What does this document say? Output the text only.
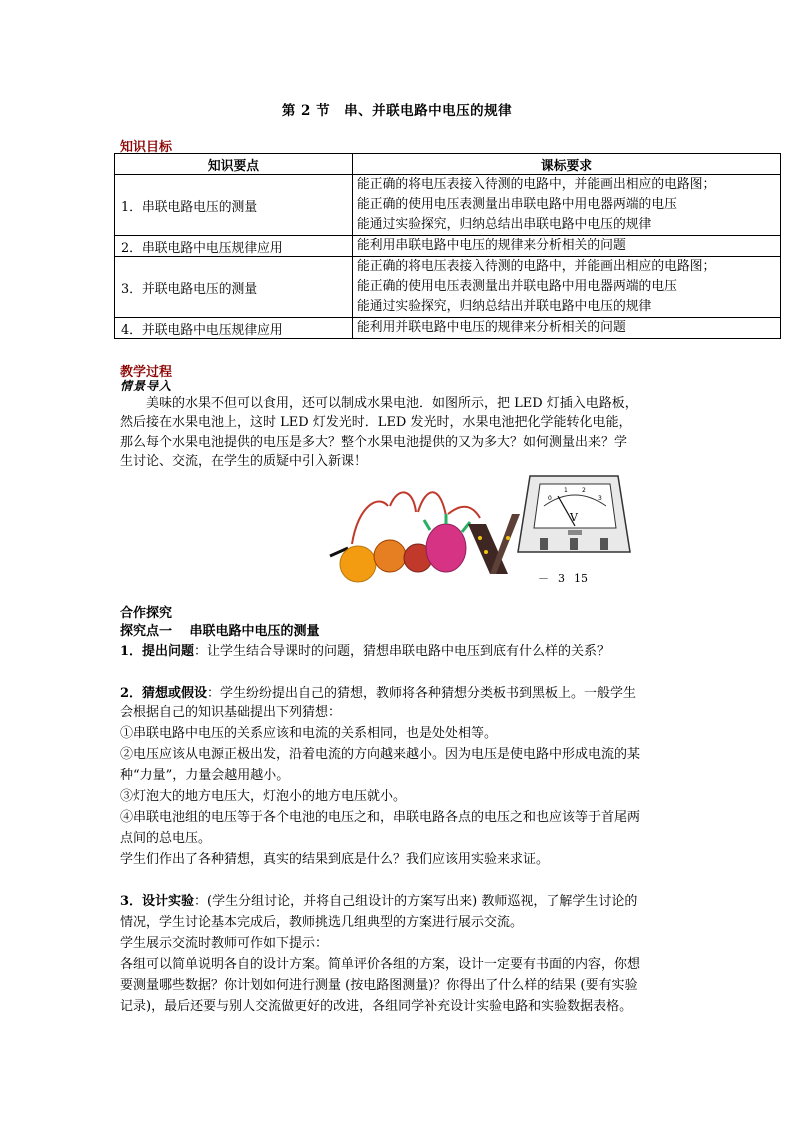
第 2 节　串、并联电路中电压的规律
知识目标
知识要点	课标要求
1．串联电路电压的测量	能正确的将电压表接入待测的电路中，并能画出相应的电路图；
能正确的使用电压表测量出串联电路中用电器两端的电压
能通过实验探究，归纳总结出串联电路中电压的规律

2．串联电路中电压规律应用	能利用串联电路中电压的规律来分析相关的问题

3．并联电路电压的测量	能正确的将电压表接入待测的电路中，并能画出相应的电路图；
能正确的使用电压表测量出并联电路中用电器两端的电压
能通过实验探究，归纳总结出并联电路中电压的规律

4．并联电路中电压规律应用	能利用并联电路中电压的规律来分析相关的问题
教学过程
情景导入
美味的水果不但可以食用，还可以制成水果电池．如图所示，把 LED 灯插入电路板，
然后接在水果电池上，这时 LED 灯发光时．LED 发光时，水果电池把化学能转化电能，
那么每个水果电池提供的电压是多大？整个水果电池提供的又为多大？如何测量出来？学
生讨论、交流，在学生的质疑中引入新课！
0
1 2
3
V
－ 3 15
合作探究
探究点一　 串联电路中电压的测量
1．提出问题：让学生结合导课时的问题，猜想串联电路中电压到底有什么样的关系？
2．猜想或假设：学生纷纷提出自己的猜想，教师将各种猜想分类板书到黑板上。一般学生
会根据自己的知识基础提出下列猜想：
①串联电路中电压的关系应该和电流的关系相同，也是处处相等。
②电压应该从电源正极出发，沿着电流的方向越来越小。因为电压是使电路中形成电流的某
种“力量”，力量会越用越小。
③灯泡大的地方电压大，灯泡小的地方电压就小。
④串联电池组的电压等于各个电池的电压之和，串联电路各点的电压之和也应该等于首尾两
点间的总电压。
学生们作出了各种猜想，真实的结果到底是什么？我们应该用实验来求证。
3．设计实验：(学生分组讨论，并将自己组设计的方案写出来) 教师巡视，了解学生讨论的
情况，学生讨论基本完成后，教师挑选几组典型的方案进行展示交流。
学生展示交流时教师可作如下提示：
各组可以简单说明各自的设计方案。简单评价各组的方案，设计一定要有书面的内容，你想
要测量哪些数据？你计划如何进行测量 (按电路图测量)？你得出了什么样的结果 (要有实验
记录)，最后还要与别人交流做更好的改进，各组同学补充设计实验电路和实验数据表格。
